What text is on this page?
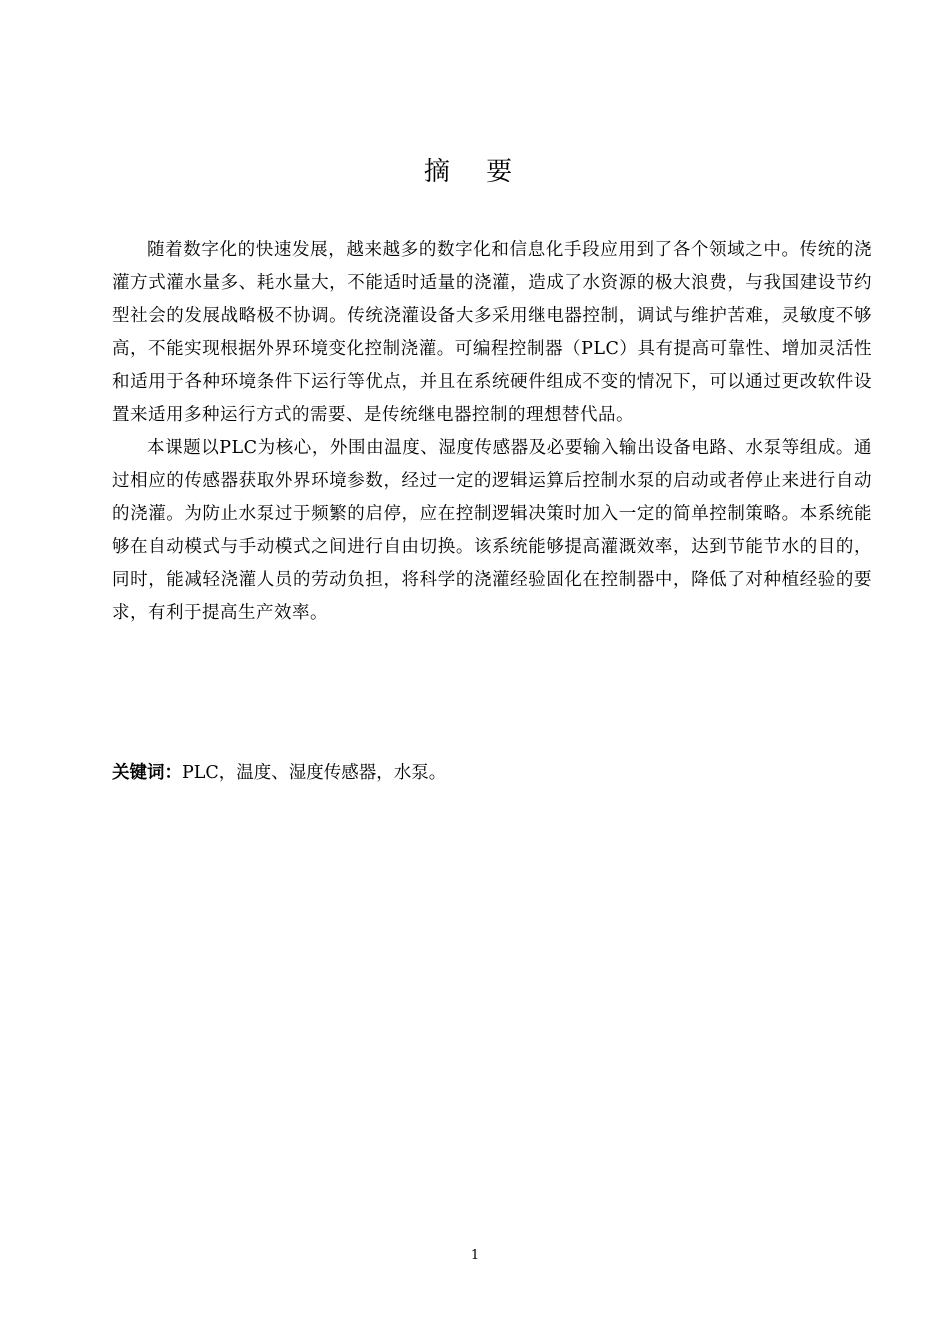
摘 要

随着数字化的快速发展，越来越多的数字化和信息化手段应用到了各个领域之中。传统的浇灌方式灌水量多、耗水量大，不能适时适量的浇灌，造成了水资源的极大浪费，与我国建设节约型社会的发展战略极不协调。传统浇灌设备大多采用继电器控制，调试与维护苦难，灵敏度不够高，不能实现根据外界环境变化控制浇灌。可编程控制器（PLC）具有提高可靠性、增加灵活性和适用于各种环境条件下运行等优点，并且在系统硬件组成不变的情况下，可以通过更改软件设置来适用多种运行方式的需要、是传统继电器控制的理想替代品。

本课题以PLC为核心，外围由温度、湿度传感器及必要输入输出设备电路、水泵等组成。通过相应的传感器获取外界环境参数，经过一定的逻辑运算后控制水泵的启动或者停止来进行自动的浇灌。为防止水泵过于频繁的启停，应在控制逻辑决策时加入一定的简单控制策略。本系统能够在自动模式与手动模式之间进行自由切换。该系统能够提高灌溉效率，达到节能节水的目的，同时，能减轻浇灌人员的劳动负担，将科学的浇灌经验固化在控制器中，降低了对种植经验的要求，有利于提高生产效率。

关键词：PLC，温度、湿度传感器，水泵。
1
